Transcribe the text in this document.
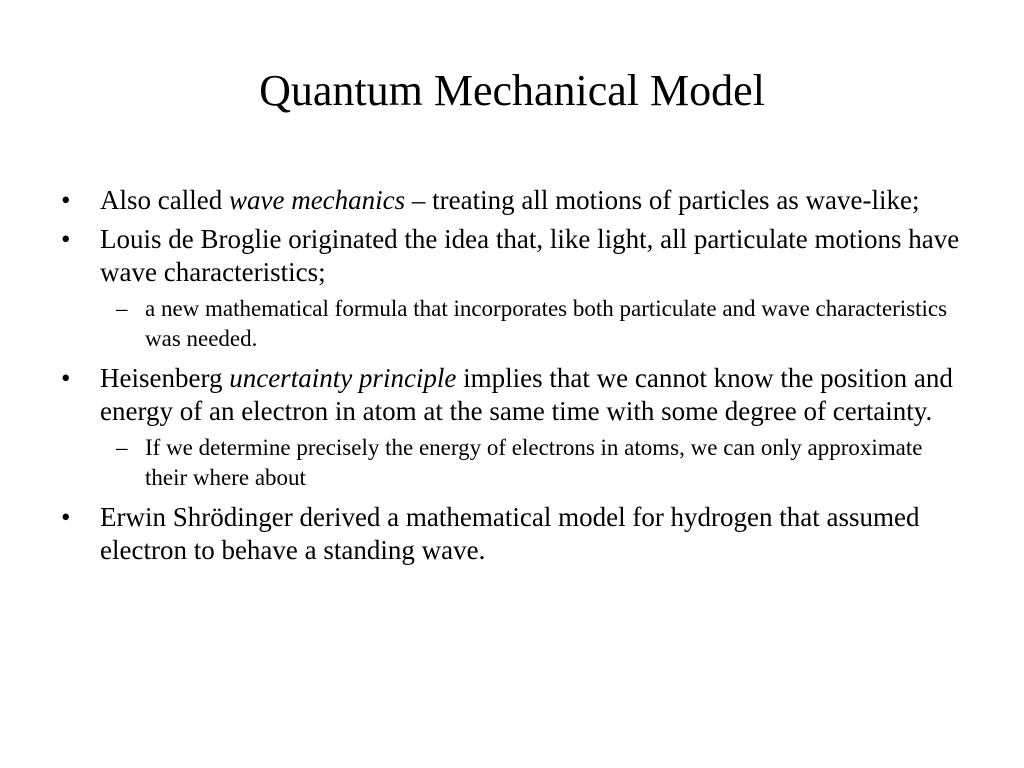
Quantum Mechanical Model
• Also called wave mechanics – treating all motions of particles as wave-like;
• Louis de Broglie originated the idea that, like light, all particulate motions have wave characteristics;
– a new mathematical formula that incorporates both particulate and wave characteristics was needed.
• Heisenberg uncertainty principle implies that we cannot know the position and energy of an electron in atom at the same time with some degree of certainty.
– If we determine precisely the energy of electrons in atoms, we can only approximate their where about
• Erwin Shrödinger derived a mathematical model for hydrogen that assumed electron to behave a standing wave.
